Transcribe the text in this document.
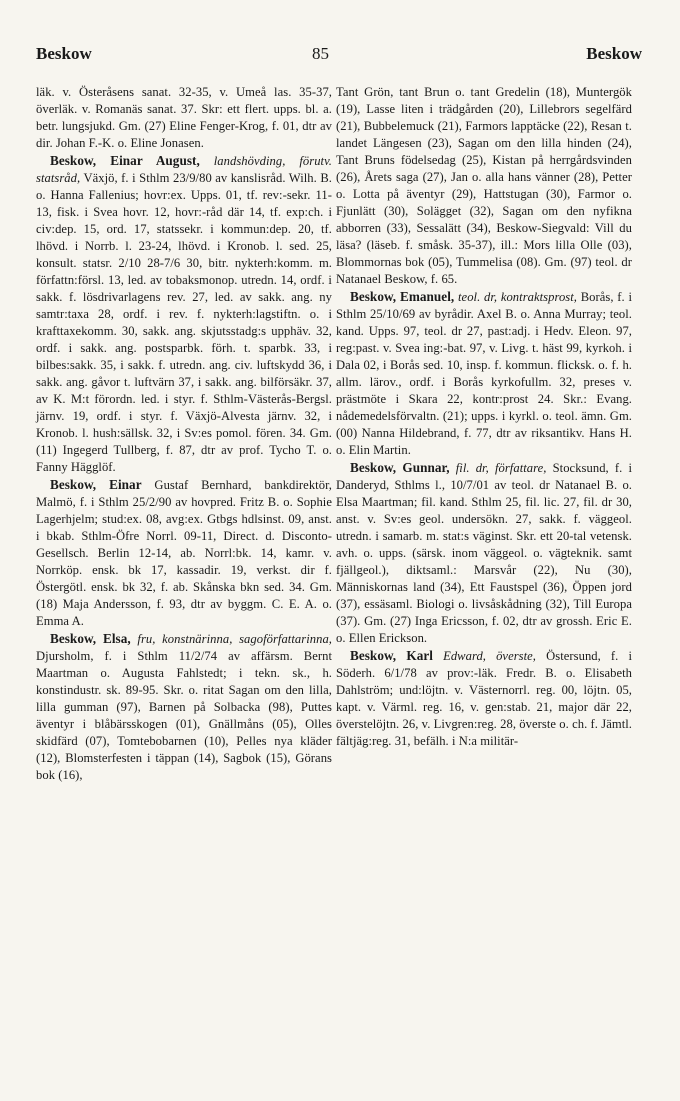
Beskow	85	Beskow

läk. v. Österåsens sanat. 32-35, v. Umeå las. 35-37, överläk. v. Romanäs sanat. 37. Skr: ett flert. upps. bl. a. betr. lungsjukd. Gm. (27) Eline Fenger-Krog, f. 01, dtr av dir. Johan F.-K. o. Eline Jonasen.

Beskow, Einar August, landshövding, förutv. statsråd, Växjö, f. i Sthlm 23/9/80 av kanslisråd. Wilh. B. o. Hanna Fallenius; hovr:ex. Upps. 01, tf. rev:-sekr. 11-13, fisk. i Svea hovr. 12, hovr:-råd där 14, tf. exp:ch. i civ:dep. 15, ord. 17, statssekr. i kommun:dep. 20, tf. lhövd. i Norrb. l. 23-24, lhövd. i Kronob. l. sed. 25, konsult. statsr. 2/10 28-7/6 30, bitr. nykterh:komm. m. författn:försl. 13, led. av tobaksmonop. utredn. 14, ordf. i sakk. f. lösdrivarlagens rev. 27, led. av sakk. ang. ny samtr:taxa 28, ordf. i rev. f. nykterh:lagstiftn. o. i krafttaxekomm. 30, sakk. ang. skjutsstadg:s upphäv. 32, ordf. i sakk. ang. postsparbk. förh. t. sparbk. 33, i bilbes:sakk. 35, i sakk. f. utredn. ang. civ. luftskydd 36, i sakk. ang. gåvor t. luftvärn 37, i sakk. ang. bilförsäkr. 37, av K. M:t förordn. led. i styr. f. Sthlm-Västerås-Bergsl. järnv. 19, ordf. i styr. f. Växjö-Alvesta järnv. 32, i Kronob. l. hush:sällsk. 32, i Sv:es pomol. fören. 34. Gm. (11) Ingegerd Tullberg, f. 87, dtr av prof. Tycho T. o. Fanny Hägglöf.

Beskow, Einar Gustaf Bernhard, bankdirektör, Malmö, f. i Sthlm 25/2/90 av hovpred. Fritz B. o. Sophie Lagerhjelm; stud:ex. 08, avg:ex. Gtbgs hdlsinst. 09, anst. i bkab. Sthlm-Öfre Norrl. 09-11, Direct. d. Disconto-Gesellsch. Berlin 12-14, ab. Norrl:bk. 14, kamr. v. Norrköp. ensk. bk 17, kassadir. 19, verkst. dir f. Östergötl. ensk. bk 32, f. ab. Skånska bkn sed. 34. Gm. (18) Maja Andersson, f. 93, dtr av byggm. C. E. A. o. Emma A.

Beskow, Elsa, fru, konstnärinna, sagoförfattarinna, Djursholm, f. i Sthlm 11/2/74 av affärsm. Bernt Maartman o. Augusta Fahlstedt; i tekn. sk., h. konstindustr. sk. 89-95. Skr. o. ritat Sagan om den lilla, lilla gumman (97), Barnen på Solbacka (98), Puttes äventyr i blåbärsskogen (01), Gnällmåns (05), Olles skidfärd (07), Tomtebobarnen (10), Pelles nya kläder (12), Blomsterfesten i täppan (14), Sagbok (15), Görans bok (16),

Tant Grön, tant Brun o. tant Gredelin (18), Muntergök (19), Lasse liten i trädgården (20), Lillebrors segelfärd (21), Bubbelemuck (21), Farmors lapptäcke (22), Resan t. landet Längesen (23), Sagan om den lilla hinden (24), Tant Bruns födelsedag (25), Kistan på herrgårdsvinden (26), Årets saga (27), Jan o. alla hans vänner (28), Petter o. Lotta på äventyr (29), Hattstugan (30), Farmor o. Fjunlätt (30), Solägget (32), Sagan om den nyfikna abborren (33), Sessalätt (34), Beskow-Siegvald: Vill du läsa? (läseb. f. småsk. 35-37), ill.: Mors lilla Olle (03), Blommornas bok (05), Tummelisa (08). Gm. (97) teol. dr Natanael Beskow, f. 65.

Beskow, Emanuel, teol. dr, kontraktsprost, Borås, f. i Sthlm 25/10/69 av byrådir. Axel B. o. Anna Murray; teol. kand. Upps. 97, teol. dr 27, past:adj. i Hedv. Eleon. 97, reg:past. v. Svea ing:-bat. 97, v. Livg. t. häst 99, kyrkoh. i Dala 02, i Borås sed. 10, insp. f. kommun. flicksk. o. f. h. allm. lärov., ordf. i Borås kyrkofullm. 32, preses v. prästmöte i Skara 22, kontr:prost 24. Skr.: Evang. nådemedelsförvaltn. (21); upps. i kyrkl. o. teol. ämn. Gm. (00) Nanna Hildebrand, f. 77, dtr av riksantikv. Hans H. o. Elin Martin.

Beskow, Gunnar, fil. dr, författare, Stocksund, f. i Danderyd, Sthlms l., 10/7/01 av teol. dr Natanael B. o. Elsa Maartman; fil. kand. Sthlm 25, fil. lic. 27, fil. dr 30, anst. v. Sv:es geol. undersökn. 27, sakk. f. väggeol. utredn. i samarb. m. stat:s väginst. Skr. ett 20-tal vetensk. avh. o. upps. (särsk. inom väggeol. o. vägteknik. samt fjällgeol.), diktsaml.: Marsvår (22), Nu (30), Människornas land (34), Ett Faustspel (36), Öppen jord (37), essäsaml. Biologi o. livsåskådning (32), Till Europa (37). Gm. (27) Inga Ericsson, f. 02, dtr av grossh. Eric E. o. Ellen Erickson.

Beskow, Karl Edward, överste, Östersund, f. i Söderh. 6/1/78 av prov:-läk. Fredr. B. o. Elisabeth Dahlström; und:löjtn. v. Västernorrl. reg. 00, löjtn. 05, kapt. v. Värml. reg. 16, v. gen:stab. 21, major där 22, överstelöjtn. 26, v. Livgren:reg. 28, överste o. ch. f. Jämtl. fältjäg:reg. 31, befälh. i N:a militär-
